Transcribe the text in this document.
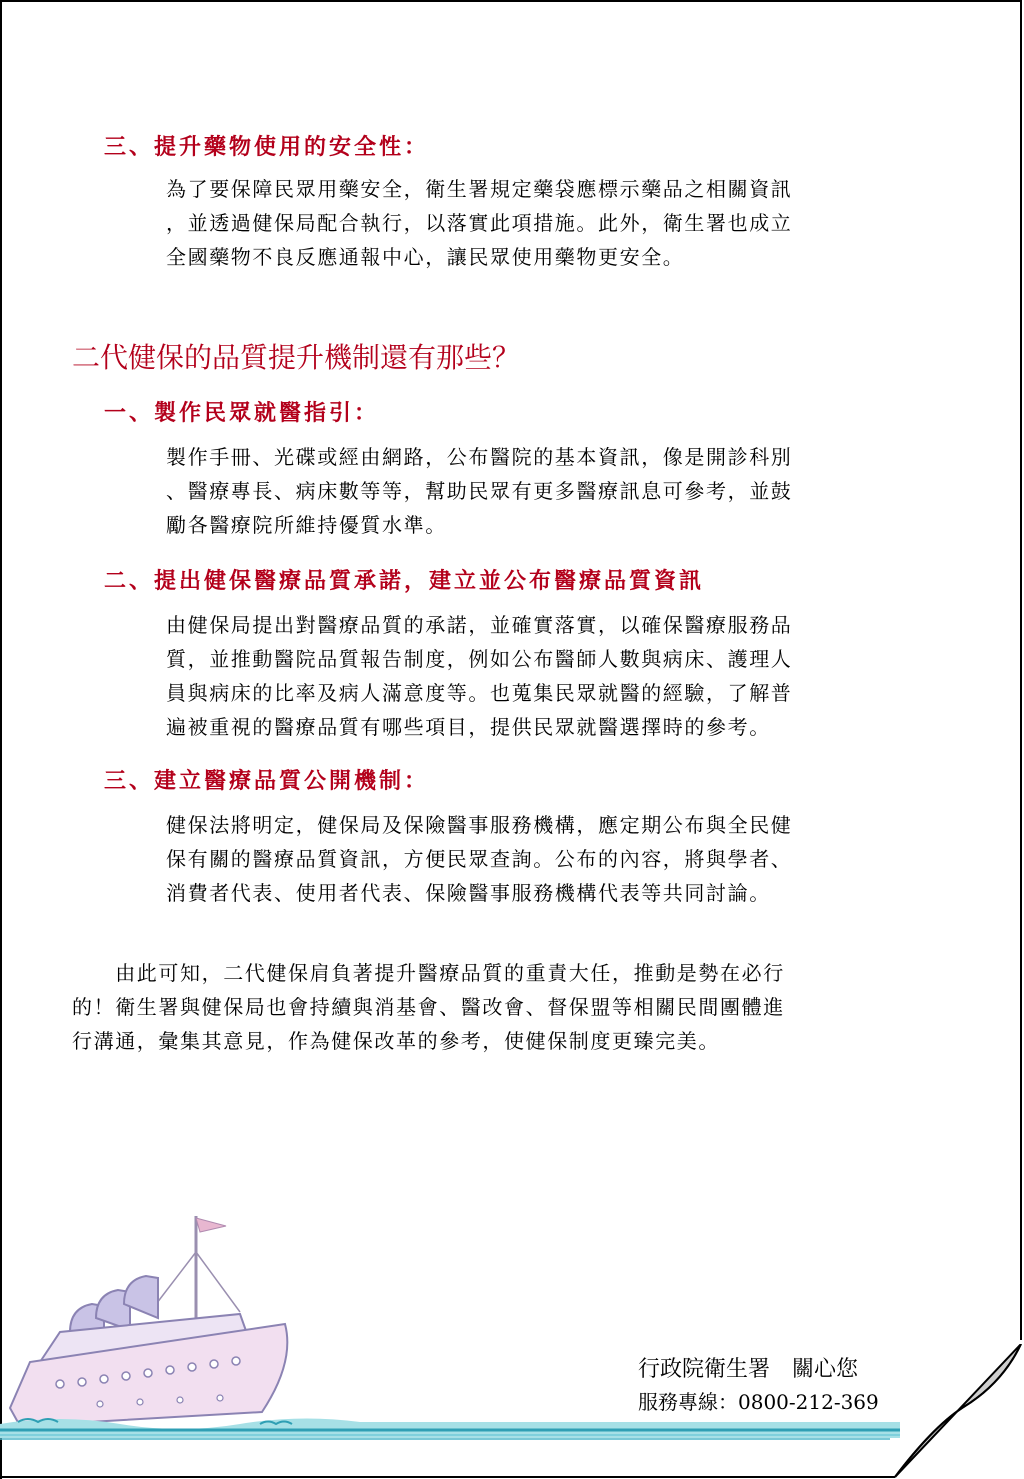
三、提升藥物使用的安全性：

為了要保障民眾用藥安全，衛生署規定藥袋應標示藥品之相關資訊
，並透過健保局配合執行，以落實此項措施。此外，衛生署也成立
全國藥物不良反應通報中心，讓民眾使用藥物更安全。

二代健保的品質提升機制還有那些？
一、製作民眾就醫指引：

製作手冊、光碟或經由網路，公布醫院的基本資訊，像是開診科別
、醫療專長、病床數等等，幫助民眾有更多醫療訊息可參考，並鼓
勵各醫療院所維持優質水準。

二、提出健保醫療品質承諾，建立並公布醫療品質資訊

由健保局提出對醫療品質的承諾，並確實落實，以確保醫療服務品
質，並推動醫院品質報告制度，例如公布醫師人數與病床、護理人
員與病床的比率及病人滿意度等。也蒐集民眾就醫的經驗，了解普
遍被重視的醫療品質有哪些項目，提供民眾就醫選擇時的參考。

三、建立醫療品質公開機制：

健保法將明定，健保局及保險醫事服務機構，應定期公布與全民健
保有關的醫療品質資訊，方便民眾查詢。公布的內容，將與學者、
消費者代表、使用者代表、保險醫事服務機構代表等共同討論。

　　由此可知，二代健保肩負著提升醫療品質的重責大任，推動是勢在必行
的！衛生署與健保局也會持續與消基會、醫改會、督保盟等相關民間團體進
行溝通，彙集其意見，作為健保改革的參考，使健保制度更臻完美。

行政院衛生署　關心您
服務專線：0800-212-369
